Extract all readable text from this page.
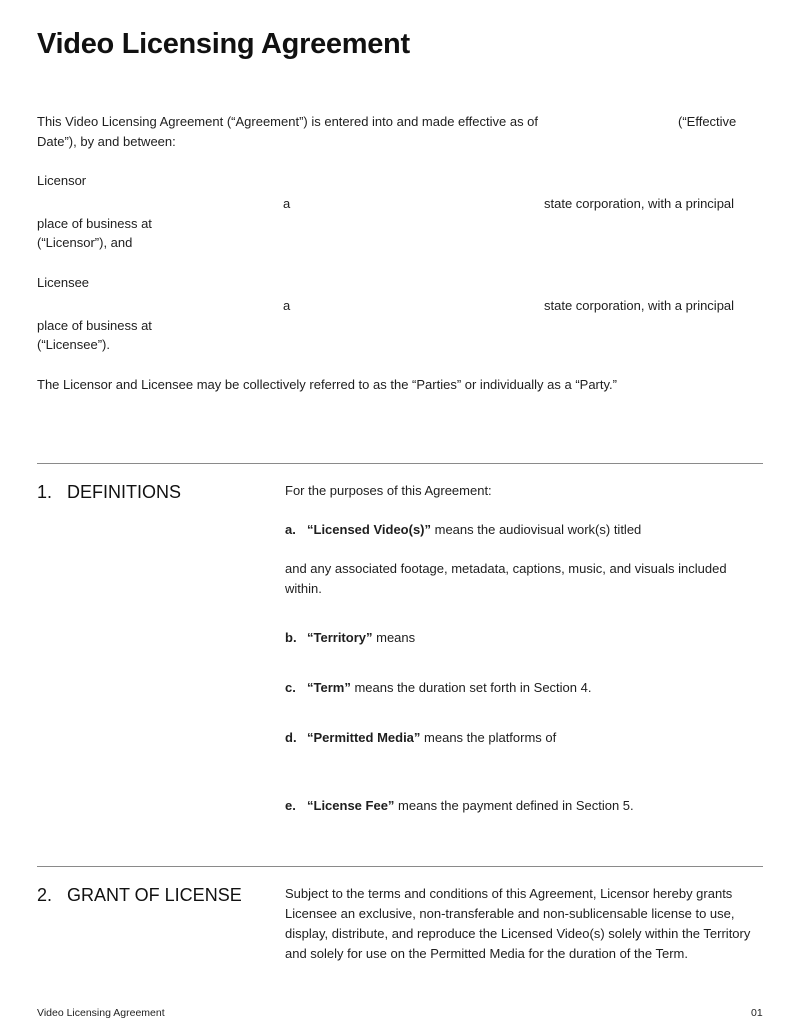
Video Licensing Agreement

This Video Licensing Agreement (“Agreement”) is entered into and made effective as of	(“Effective

Date”), by and between:

Licensor

a	state corporation, with a principal

place of business at

(“Licensor”), and

Licensee

a	state corporation, with a principal

place of business at

(“Licensee”).

The Licensor and Licensee may be collectively referred to as the “Parties” or individually as a “Party.”

1. DEFINITIONS	For the purposes of this Agreement:

a. “Licensed Video(s)” means the audiovisual work(s) titled

and any associated footage, metadata, captions, music, and visuals included within.

b. “Territory” means

c. “Term” means the duration set forth in Section 4.

d. “Permitted Media” means the platforms of

e. “License Fee” means the payment defined in Section 5.

2. GRANT OF LICENSE	Subject to the terms and conditions of this Agreement, Licensor hereby grants Licensee an exclusive, non-transferable and non-sublicensable license to use, display, distribute, and reproduce the Licensed Video(s) solely within the Territory and solely for use on the Permitted Media for the duration of the Term.

Video Licensing Agreement	01
